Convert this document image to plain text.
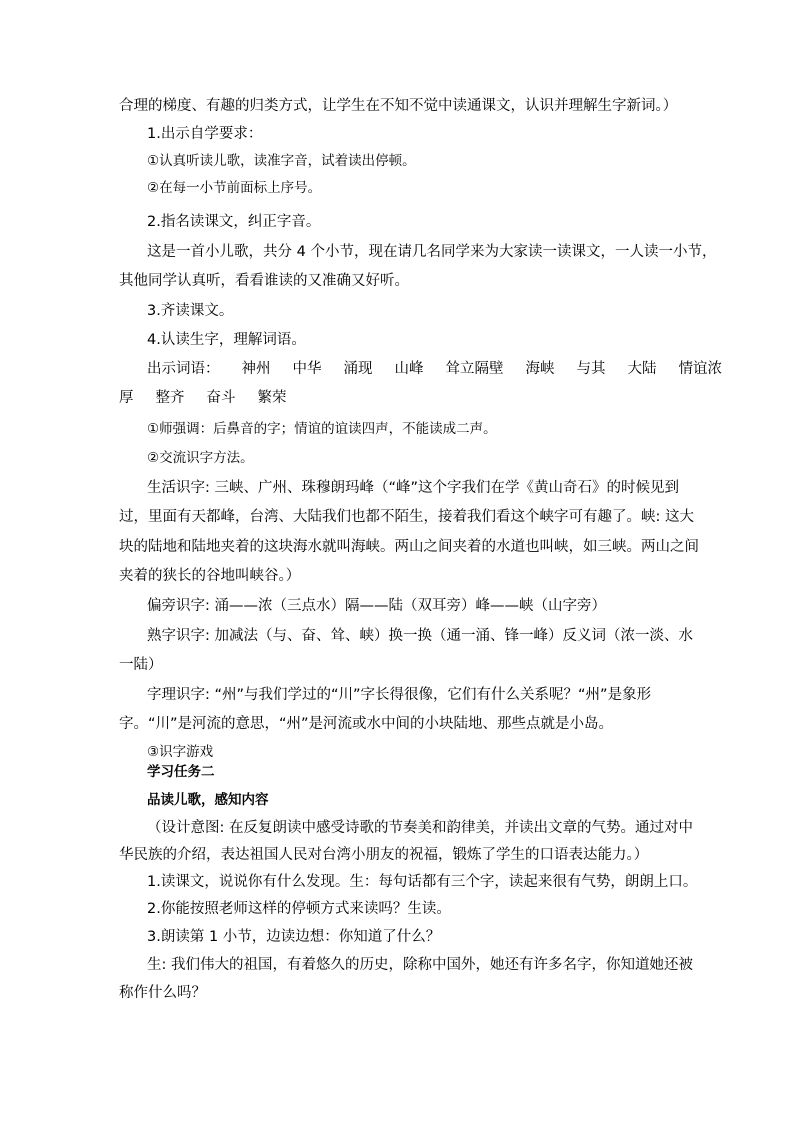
合理的梯度、有趣的归类方式，让学生在不知不觉中读通课文，认识并理解生字新词。）
1.出示自学要求：
①认真听读儿歌，读准字音，试着读出停顿。
②在每一小节前面标上序号。
2.指名读课文，纠正字音。
这是一首小儿歌，共分 4 个小节，现在请几名同学来为大家读一读课文，一人读一小节，
其他同学认真听，看看谁读的又准确又好听。
3.齐读课文。
4.认读生字，理解词语。
出示词语： 神州 中华 涌现 山峰 耸立隔壁 海峡 与其 大陆 情谊浓
厚 整齐 奋斗 繁荣
①师强调：后鼻音的字；情谊的谊读四声，不能读成二声。
②交流识字方法。
生活识字: 三峡、广州、珠穆朗玛峰（“峰”这个字我们在学《黄山奇石》的时候见到
过，里面有天都峰，台湾、大陆我们也都不陌生，接着我们看这个峡字可有趣了。峡: 这大
块的陆地和陆地夹着的这块海水就叫海峡。两山之间夹着的水道也叫峡，如三峡。两山之间
夹着的狭长的谷地叫峡谷。）
偏旁识字: 涌——浓（三点水）隔——陆（双耳旁）峰——峡（山字旁）
熟字识字: 加减法（与、奋、耸、峡）换一换（通一涌、锋一峰）反义词（浓一淡、水
一陆）
字理识字: “州”与我们学过的“川”字长得很像，它们有什么关系呢？“州”是象形
字。“川”是河流的意思，“州”是河流或水中间的小块陆地、那些点就是小岛。
③识字游戏
学习任务二
品读儿歌，感知内容
（设计意图: 在反复朗读中感受诗歌的节奏美和韵律美，并读出文章的气势。通过对中
华民族的介绍，表达祖国人民对台湾小朋友的祝福，锻炼了学生的口语表达能力。）
1.读课文，说说你有什么发现。生：每句话都有三个字，读起来很有气势，朗朗上口。
2.你能按照老师这样的停顿方式来读吗？生读。
3.朗读第 1 小节，边读边想：你知道了什么？
生: 我们伟大的祖国，有着悠久的历史，除称中国外，她还有许多名字，你知道她还被
称作什么吗？
